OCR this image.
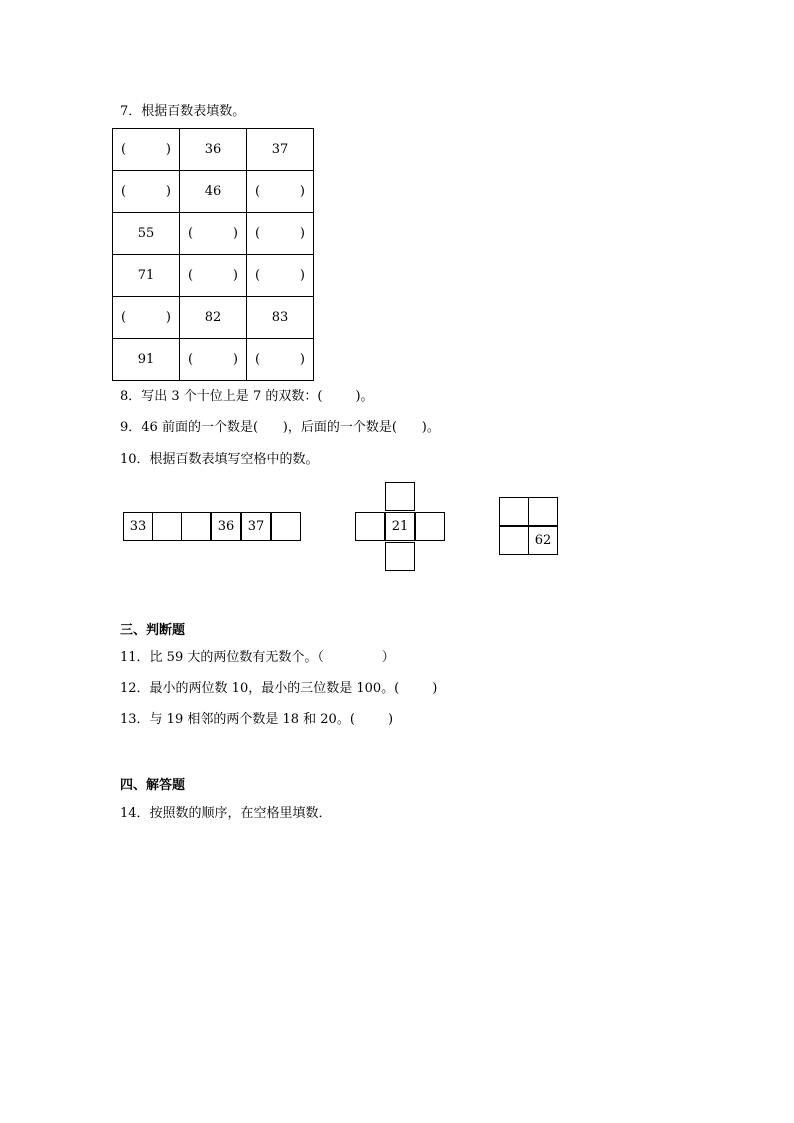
7．根据百数表填数。
( )	36	37

( )	46	( )

55	( )	( )

71	( )	( )

( )	82	83
91	( )	( )
8．写出 3 个十位上是 7 的双数：(        )。
9．46 前面的一个数是(      )，后面的一个数是(      )。
10．根据百数表填写空格中的数。
33	36	37	21
62
三、判断题
11．比 59 大的两位数有无数个。（              ）
12．最小的两位数 10，最小的三位数是 100。(        )
13．与 19 相邻的两个数是 18 和 20。(        )
四、解答题
14．按照数的顺序，在空格里填数．
